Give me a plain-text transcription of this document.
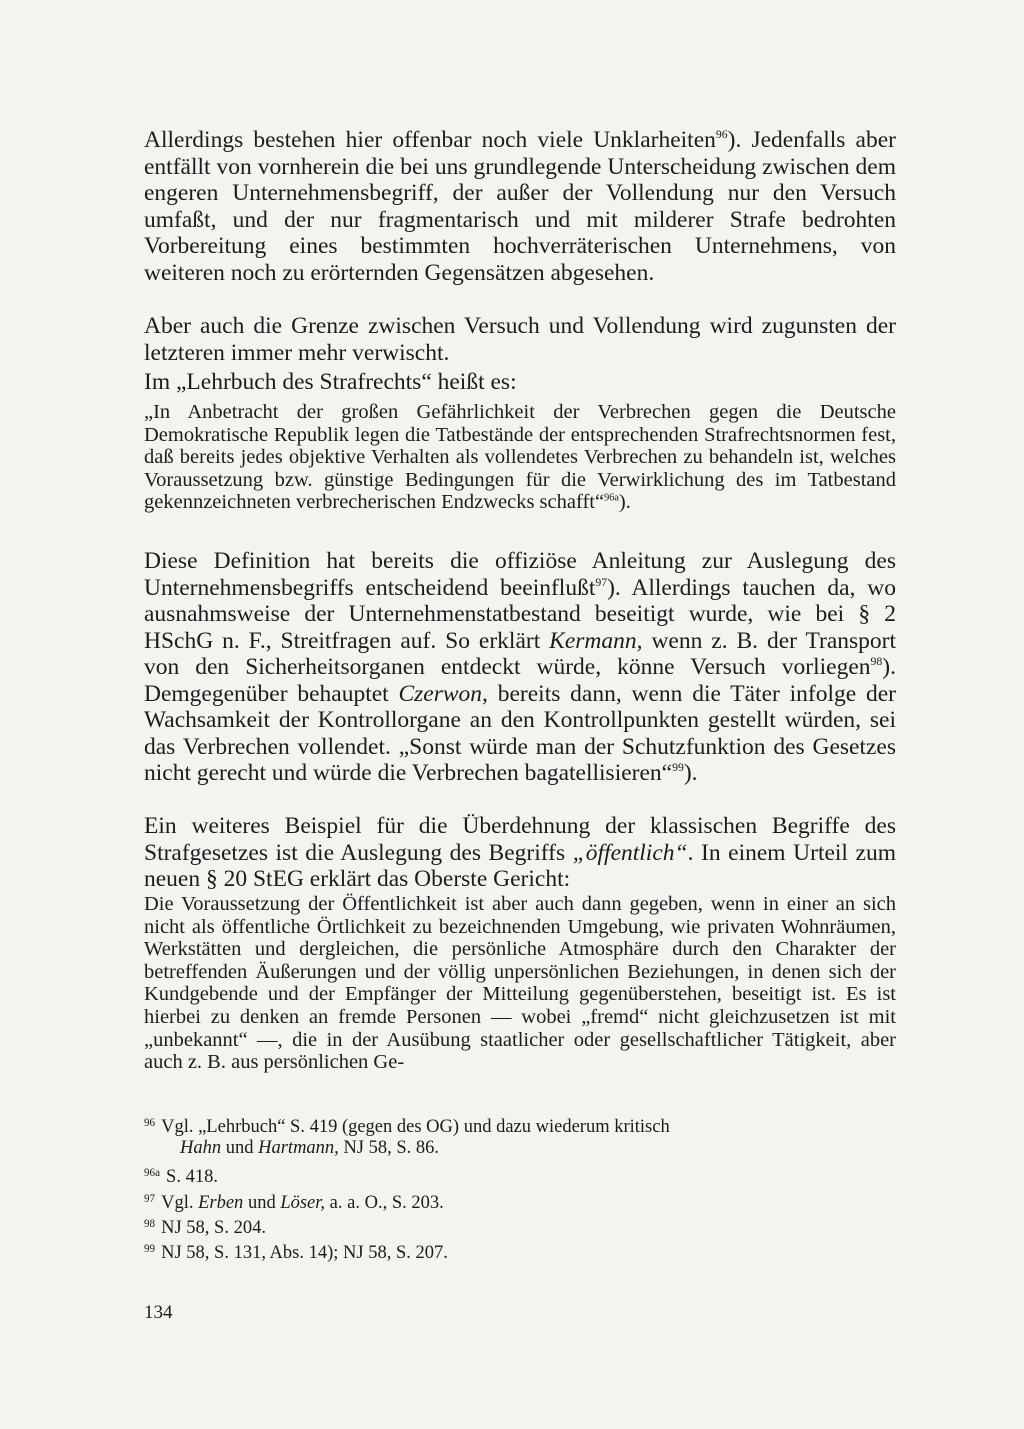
Allerdings bestehen hier offenbar noch viele Unklarheiten$^{96}$). Jedenfalls aber entfällt von vornherein die bei uns grundlegende Unterscheidung zwischen dem engeren Unternehmensbegriff, der außer der Vollendung nur den Versuch umfaßt, und der nur fragmentarisch und mit milderer Strafe bedrohten Vorbereitung eines bestimmten hochverräterischen Unternehmens, von weiteren noch zu erörternden Gegensätzen abgesehen.

Aber auch die Grenze zwischen Versuch und Vollendung wird zugunsten der letzteren immer mehr verwischt.

Im „Lehrbuch des Strafrechts“ heißt es:

„In Anbetracht der großen Gefährlichkeit der Verbrechen gegen die Deutsche Demokratische Republik legen die Tatbestände der entsprechenden Strafrechtsnormen fest, daß bereits jedes objektive Verhalten als vollendetes Verbrechen zu behandeln ist, welches Voraussetzung bzw. günstige Bedingungen für die Verwirklichung des im Tatbestand gekennzeichneten verbrecherischen Endzwecks schafft“$^{96a}$).

Diese Definition hat bereits die offiziöse Anleitung zur Auslegung des Unternehmensbegriffs entscheidend beeinflußt$^{97}$). Allerdings tauchen da, wo ausnahmsweise der Unternehmenstatbestand beseitigt wurde, wie bei § 2 HSchG n. F., Streitfragen auf. So erklärt Kermann, wenn z. B. der Transport von den Sicherheitsorganen entdeckt würde, könne Versuch vorliegen$^{98}$). Demgegenüber behauptet Czerwon, bereits dann, wenn die Täter infolge der Wachsamkeit der Kontrollorgane an den Kontrollpunkten gestellt würden, sei das Verbrechen vollendet. „Sonst würde man der Schutzfunktion des Gesetzes nicht gerecht und würde die Verbrechen bagatellisieren“$^{99}$).

Ein weiteres Beispiel für die Überdehnung der klassischen Begriffe des Strafgesetzes ist die Auslegung des Begriffs „öffentlich“. In einem Urteil zum neuen § 20 StEG erklärt das Oberste Gericht:

Die Voraussetzung der Öffentlichkeit ist aber auch dann gegeben, wenn in einer an sich nicht als öffentliche Örtlichkeit zu bezeichnenden Umgebung, wie privaten Wohnräumen, Werkstätten und dergleichen, die persönliche Atmosphäre durch den Charakter der betreffenden Äußerungen und der völlig unpersönlichen Beziehungen, in denen sich der Kundgebende und der Empfänger der Mitteilung gegenüberstehen, beseitigt ist. Es ist hierbei zu denken an fremde Personen — wobei „fremd“ nicht gleichzusetzen ist mit „unbekannt“ —, die in der Ausübung staatlicher oder gesellschaftlicher Tätigkeit, aber auch z. B. aus persönlichen Ge-

$^{96}$ Vgl. „Lehrbuch“ S. 419 (gegen des OG) und dazu wiederum kritisch
Hahn und Hartmann, NJ 58, S. 86.
$^{96a}$ S. 418.
$^{97}$ Vgl. Erben und Löser, a. a. O., S. 203.
$^{98}$ NJ 58, S. 204.
$^{99}$ NJ 58, S. 131, Abs. 14); NJ 58, S. 207.
134
